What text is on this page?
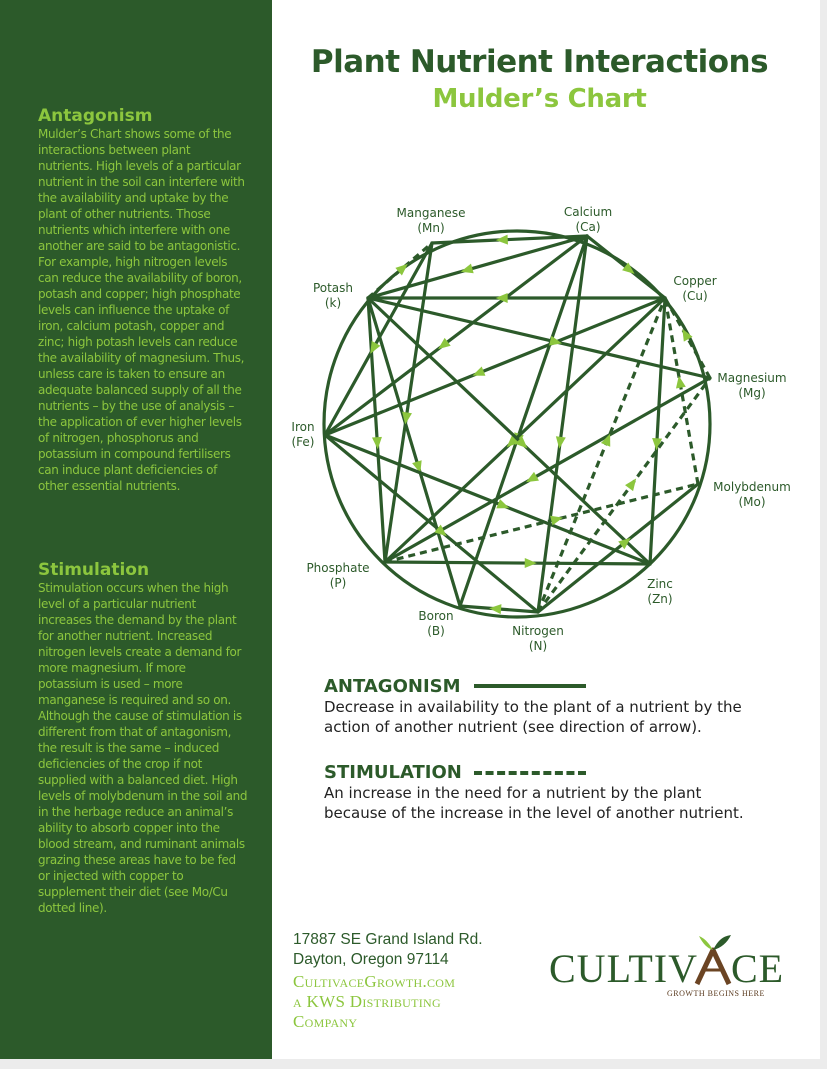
Antagonism

Mulder’s Chart shows some of the interactions between plant nutrients. High levels of a particular nutrient in the soil can interfere with the availability and uptake by the plant of other nutrients. Those nutrients which interfere with one another are said to be antagonistic. For example, high nitrogen levels can reduce the availability of boron, potash and copper; high phosphate levels can influence the uptake of iron, calcium potash, copper and zinc; high potash levels can reduce the availability of magnesium. Thus, unless care is taken to ensure an adequate balanced supply of all the nutrients – by the use of analysis – the application of ever higher levels of nitrogen, phosphorus and potassium in compound fertilisers can induce plant deficiencies of other essential nutrients.

Stimulation

Stimulation occurs when the high level of a particular nutrient increases the demand by the plant for another nutrient. Increased nitrogen levels create a demand for more magnesium. If more potassium is used – more manganese is required and so on. Although the cause of stimulation is different from that of antagonism, the result is the same – induced deficiencies of the crop if not supplied with a balanced diet. High levels of molybdenum in the soil and in the herbage reduce an animal’s ability to absorb copper into the blood stream, and ruminant animals grazing these areas have to be fed or injected with copper to supplement their diet (see Mo/Cu dotted line).

Plant Nutrient Interactions
Mulder’s Chart
Calcium
(Ca)
Copper
(Cu)
Magnesium
(Mg)
Molybdenum
(Mo)
Zinc
(Zn)
Nitrogen
(N)
Boron
(B)
Phosphate
(P)
Iron
(Fe)
Potash
(k)
Manganese
(Mn)
ANTAGONISM

Decrease in availability to the plant of a nutrient by the action of another nutrient (see direction of arrow).

STIMULATION

An increase in the need for a nutrient by the plant because of the increase in the level of another nutrient.

17887 SE Grand Island Rd.
Dayton, Oregon 97114
CultivaceGrowth.com
a KWS Distributing
Company
CULTIV CE
GROWTH BEGINS HERE
